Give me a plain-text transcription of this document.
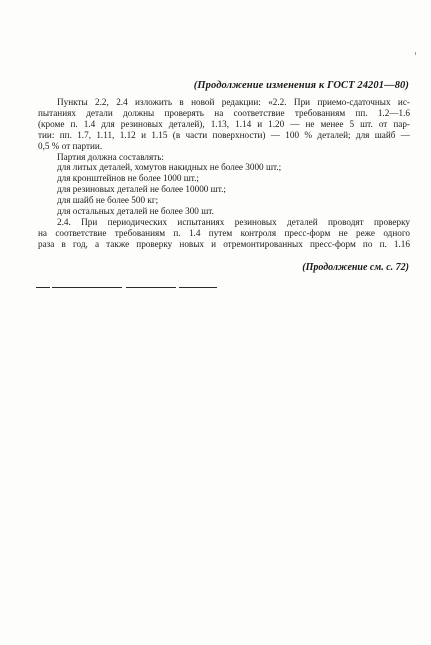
(Продолжение изменения к ГОСТ 24201—80)
Пункты 2.2, 2.4 изложить в новой редакции: «2.2. При приемо-сдаточных ис-
пытаниях детали должны проверять на соответствие требованиям пп. 1.2—1.6
(кроме п. 1.4 для резиновых деталей), 1.13, 1.14 и 1.20 — не менее 5 шт. от пар-
тии: пп. 1.7, 1.11, 1.12 и 1.15 (в части поверхности) — 100 % деталей; для шайб —
0,5 % от партии.
Партия должна составлять:
для литых деталей, хомутов накидных не более 3000 шт.;
для кронштейнов не более 1000 шт.;
для резиновых деталей не более 10000 шт.;
для шайб не более 500 кг;
для остальных деталей не более 300 шт.
2.4. При периодических испытаниях резиновых деталей проводят проверку
на соответствие требованиям п. 1.4 путем контроля пресс-форм не реже одного
раза в год, а также проверку новых и отремонтированных пресс-форм по п. 1.16
(Продолжение см. с. 72)
